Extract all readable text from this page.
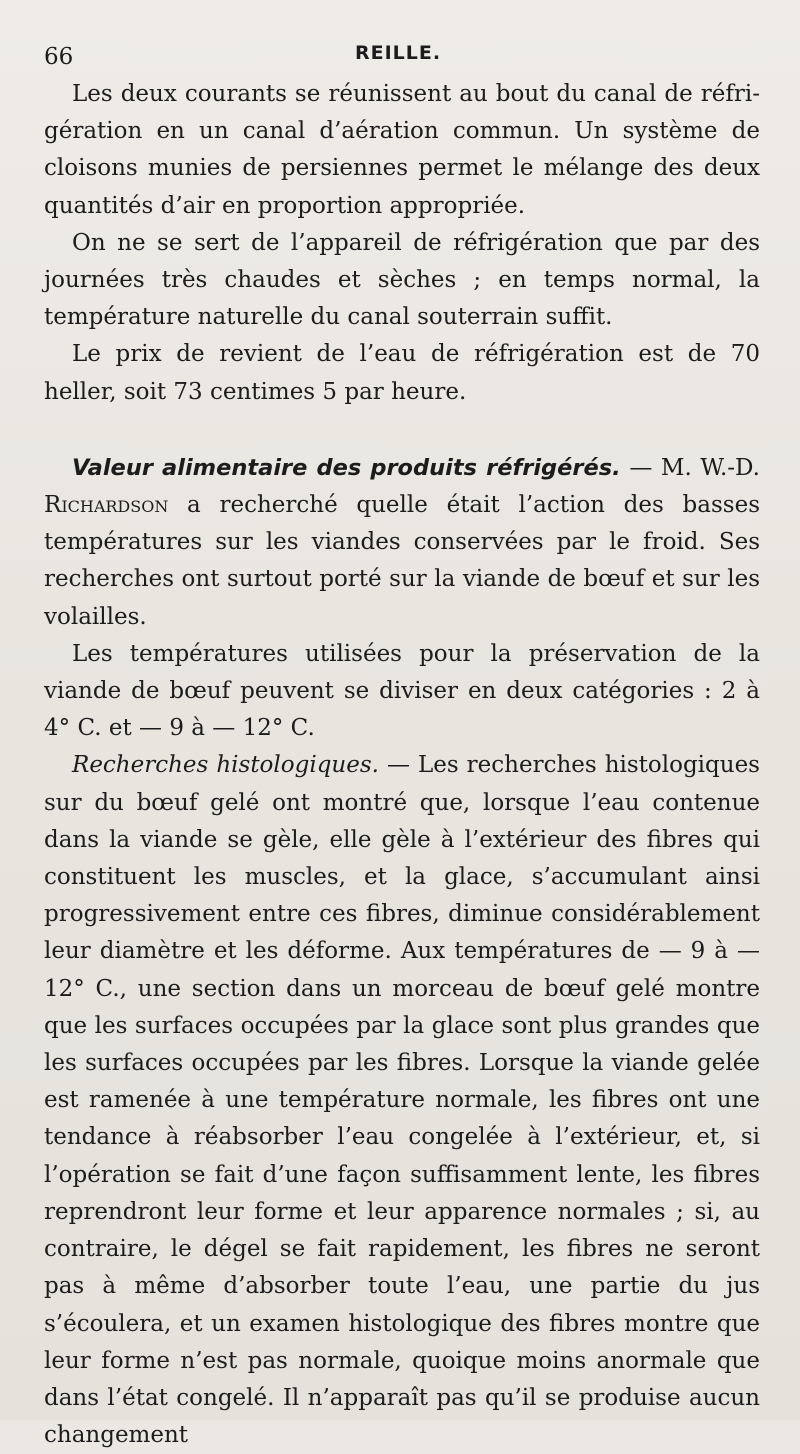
66	REILLE.

Les deux courants se réunissent au bout du canal de réfrigération en un canal d’aération commun. Un système de cloisons munies de persiennes permet le mélange des deux quantités d’air en proportion appropriée.

On ne se sert de l’appareil de réfrigération que par des journées très chaudes et sèches ; en temps normal, la température naturelle du canal souterrain suffit.

Le prix de revient de l’eau de réfrigération est de 70 heller, soit 73 centimes 5 par heure.

Valeur alimentaire des produits réfrigérés. — M. W.-D. Richardson a recherché quelle était l’action des basses températures sur les viandes conservées par le froid. Ses recherches ont surtout porté sur la viande de bœuf et sur les volailles.

Les températures utilisées pour la préservation de la viande de bœuf peuvent se diviser en deux catégories : 2 à 4° C. et — 9 à — 12° C.

Recherches histologiques. — Les recherches histologiques sur du bœuf gelé ont montré que, lorsque l’eau contenue dans la viande se gèle, elle gèle à l’extérieur des fibres qui constituent les muscles, et la glace, s’accumulant ainsi progressivement entre ces fibres, diminue considérablement leur diamètre et les déforme. Aux températures de — 9 à — 12° C., une section dans un morceau de bœuf gelé montre que les surfaces occupées par la glace sont plus grandes que les surfaces occupées par les fibres. Lorsque la viande gelée est ramenée à une température normale, les fibres ont une tendance à réabsorber l’eau congelée à l’extérieur, et, si l’opération se fait d’une façon suffisamment lente, les fibres reprendront leur forme et leur apparence normales ; si, au contraire, le dégel se fait rapidement, les fibres ne seront pas à même d’absorber toute l’eau, une partie du jus s’écoulera, et un examen histologique des fibres montre que leur forme n’est pas normale, quoique moins anormale que dans l’état congelé. Il n’apparaît pas qu’il se produise aucun changement
